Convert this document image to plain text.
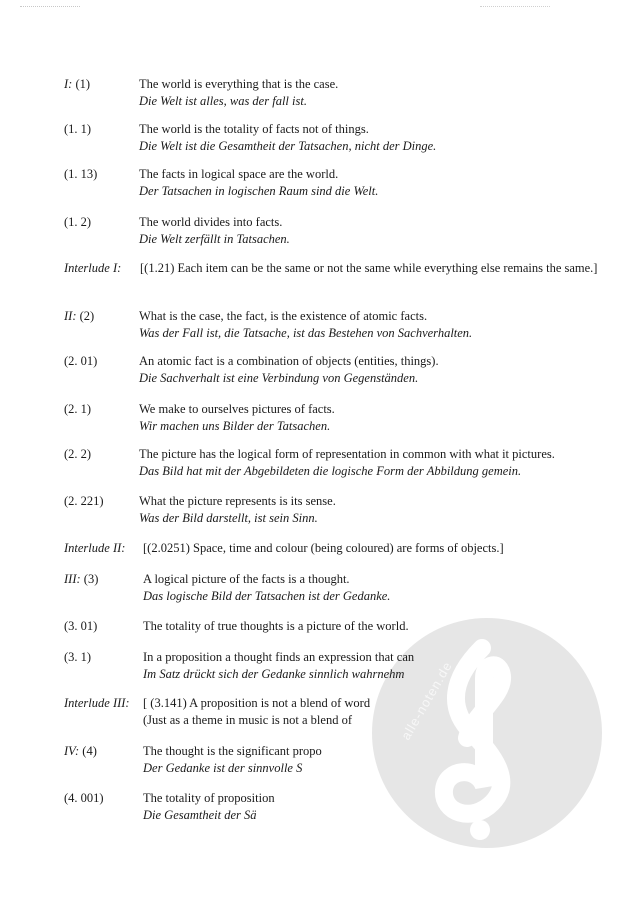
alle-noten.de
I: (1)	The world is everything that is the case.
Die Welt ist alles, was der fall ist.
(1. 1)	The world is the totality of facts not of things.
Die Welt ist die Gesamtheit der Tatsachen, nicht der Dinge.
(1. 13)	The facts in logical space are the world.
Der Tatsachen in logischen Raum sind die Welt.
(1. 2)	The world divides into facts.
Die Welt zerfällt in Tatsachen.
Interlude I: [(1.21) Each item can be the same or not the same while everything else remains the same.]
II: (2)	What is the case, the fact, is the existence of atomic facts.
Was der Fall ist, die Tatsache, ist das Bestehen von Sachverhalten.
(2. 01)	An atomic fact is a combination of objects (entities, things).
Die Sachverhalt ist eine Verbindung von Gegenständen.
(2. 1)	We make to ourselves pictures of facts.
Wir machen uns Bilder der Tatsachen.
(2. 2)	The picture has the logical form of representation in common with what it pictures.
Das Bild hat mit der Abgebildeten die logische Form der Abbildung gemein.
(2. 221)	What the picture represents is its sense.
Was der Bild darstellt, ist sein Sinn.
Interlude II: [(2.0251) Space, time and colour (being coloured) are forms of objects.]
III: (3)	A logical picture of the facts is a thought.
Das logische Bild der Tatsachen ist der Gedanke.
(3. 01)	The totality of true thoughts is a picture of the world.
(3. 1)	In a proposition a thought finds an expression that can
Im Satz drückt sich der Gedanke sinnlich wahrnehm
Interlude III: [ (3.141) A proposition is not a blend of word
(Just as a theme in music is not a blend of
IV: (4)	The thought is the significant propo
Der Gedanke ist der sinnvolle S
(4. 001)	The totality of proposition
Die Gesamtheit der Sä
